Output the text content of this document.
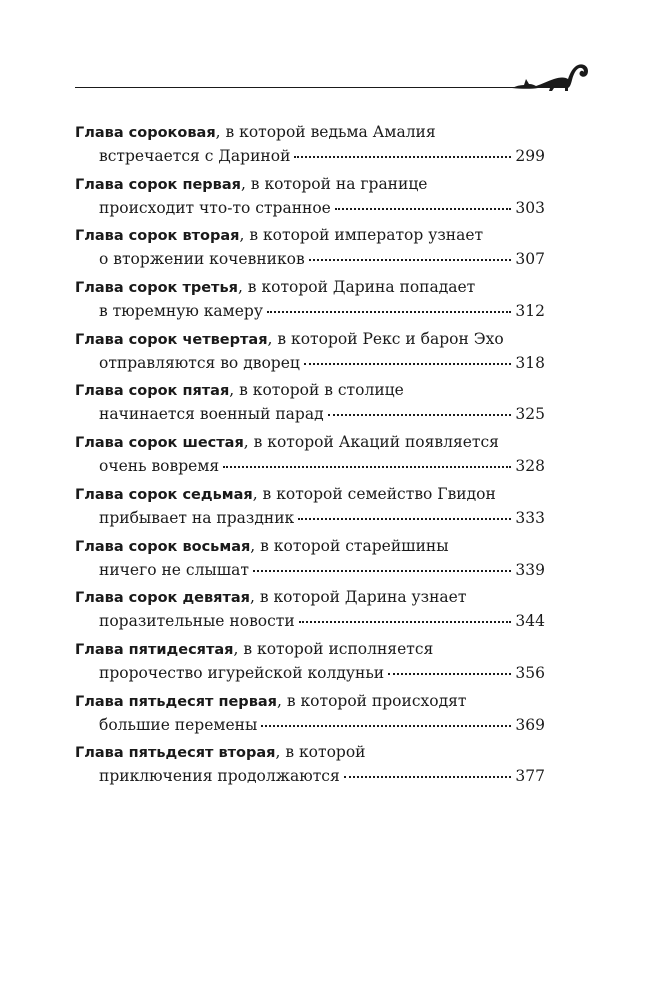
Глава сороковая, в которой ведьма Амалия
встречается с Дариной	299
Глава сорок первая, в которой на границе
происходит что-то странное	303
Глава сорок вторая, в которой император узнает
о вторжении кочевников	307
Глава сорок третья, в которой Дарина попадает
в тюремную камеру	312
Глава сорок четвертая, в которой Рекс и барон Эхо
отправляются во дворец	318
Глава сорок пятая, в которой в столице
начинается военный парад	325
Глава сорок шестая, в которой Акаций появляется
очень вовремя	328
Глава сорок седьмая, в которой семейство Гвидон
прибывает на праздник	333
Глава сорок восьмая, в которой старейшины
ничего не слышат	339
Глава сорок девятая, в которой Дарина узнает
поразительные новости	344
Глава пятидесятая, в которой исполняется
пророчество игурейской колдуньи	356
Глава пятьдесят первая, в которой происходят
большие перемены	369
Глава пятьдесят вторая, в которой
приключения продолжаются	377
